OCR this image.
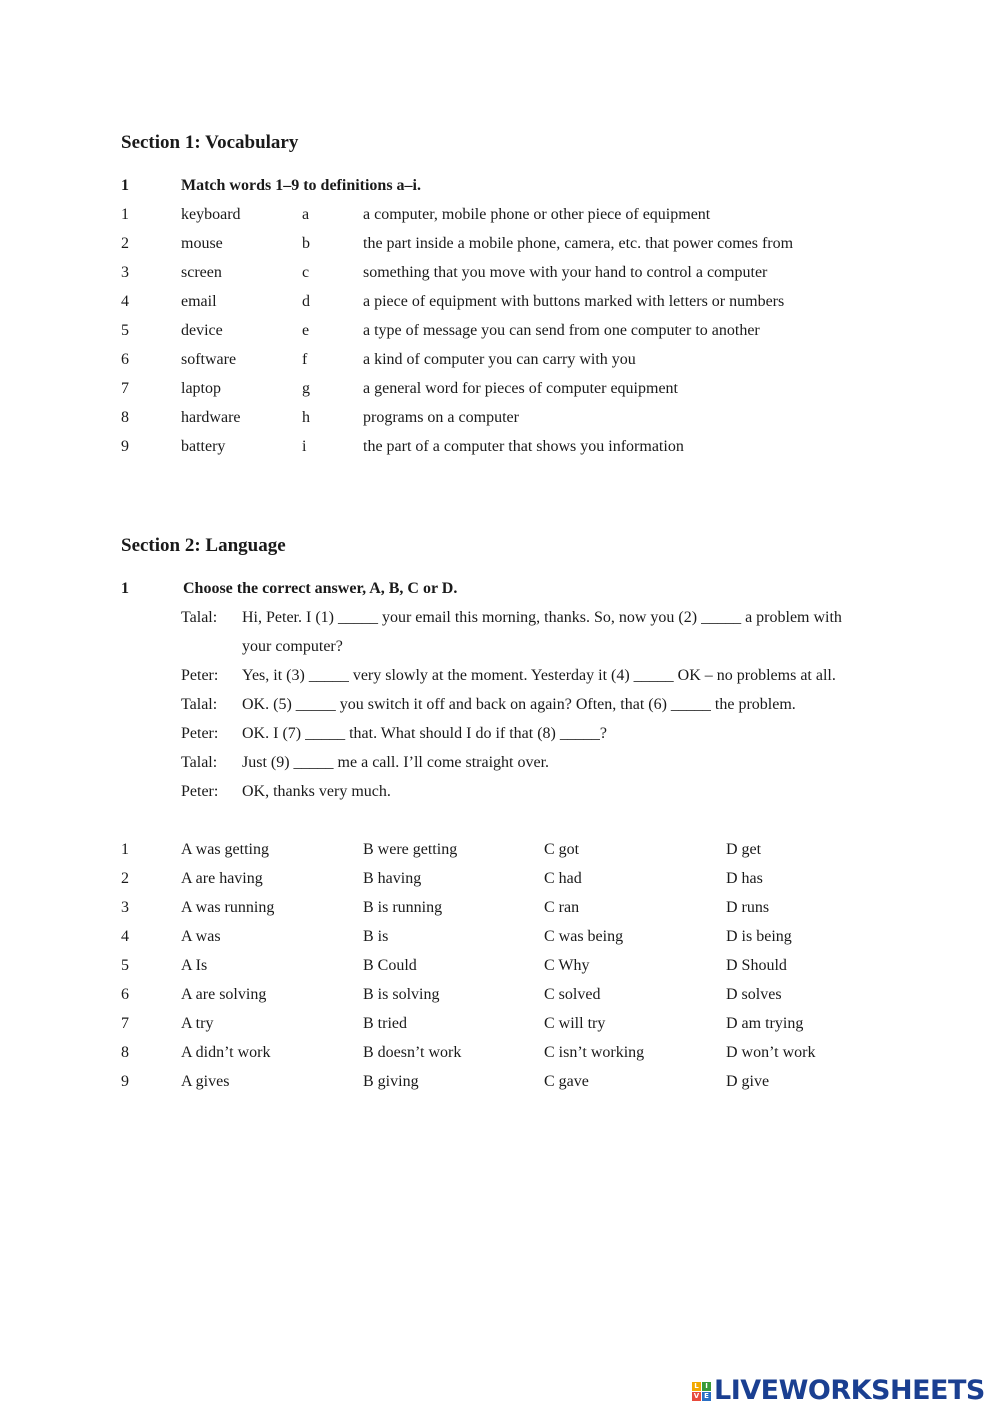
Section 1: Vocabulary
1	Match words 1–9 to definitions a–i.
1	keyboard	a	a computer, mobile phone or other piece of equipment
2	mouse	b	the part inside a mobile phone, camera, etc. that power comes from
3	screen	c	something that you move with your hand to control a computer
4	email	d	a piece of equipment with buttons marked with letters or numbers
5	device	e	a type of message you can send from one computer to another
6	software	f	a kind of computer you can carry with you
7	laptop	g	a general word for pieces of computer equipment
8	hardware	h	programs on a computer
9	battery	i	the part of a computer that shows you information
Section 2: Language
1	Choose the correct answer, A, B, C or D.
Talal: Hi, Peter. I (1) _____ your email this morning, thanks. So, now you (2) _____ a problem with
your computer?
Peter: Yes, it (3) _____ very slowly at the moment. Yesterday it (4) _____ OK – no problems at all.
Talal: OK. (5) _____ you switch it off and back on again? Often, that (6) _____ the problem.
Peter: OK. I (7) _____ that. What should I do if that (8) _____?
Talal: Just (9) _____ me a call. I’ll come straight over.
Peter: OK, thanks very much.
1	A was getting	B were getting	C got	D get
2	A are having	B having	C had	D has
3	A was running	B is running	C ran	D runs
4	A was	B is	C was being	D is being
5	A Is	B Could	C Why	D Should
6	A are solving	B is solving	C solved	D solves
7	A try	B tried	C will try	D am trying
8	A didn’t work	B doesn’t work	C isn’t working	D won’t work
9	A gives	B giving	C gave	D give
L I
V E LIVEWORKSHEETS
